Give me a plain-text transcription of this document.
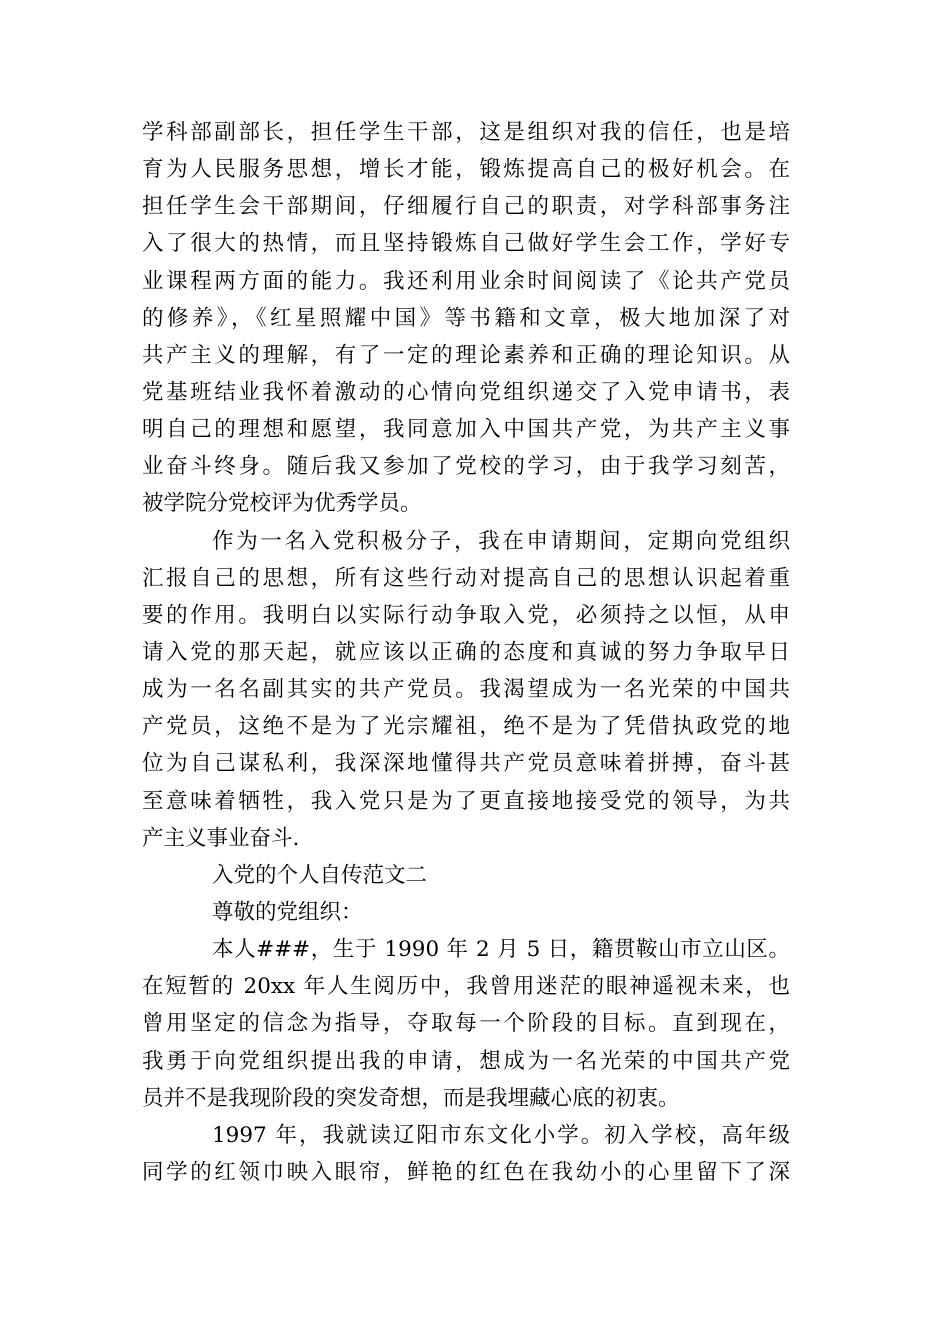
学科部副部长，担任学生干部，这是组织对我的信任，也是培
育为人民服务思想，增长才能，锻炼提高自己的极好机会。在
担任学生会干部期间，仔细履行自己的职责，对学科部事务注
入了很大的热情，而且坚持锻炼自己做好学生会工作，学好专
业课程两方面的能力。我还利用业余时间阅读了《论共产党员
的修养》，《红星照耀中国》等书籍和文章，极大地加深了对
共产主义的理解，有了一定的理论素养和正确的理论知识。从
党基班结业我怀着激动的心情向党组织递交了入党申请书，表
明自己的理想和愿望，我同意加入中国共产党，为共产主义事
业奋斗终身。随后我又参加了党校的学习，由于我学习刻苦，
被学院分党校评为优秀学员。
作为一名入党积极分子，我在申请期间，定期向党组织
汇报自己的思想，所有这些行动对提高自己的思想认识起着重
要的作用。我明白以实际行动争取入党，必须持之以恒，从申
请入党的那天起，就应该以正确的态度和真诚的努力争取早日
成为一名名副其实的共产党员。我渴望成为一名光荣的中国共
产党员，这绝不是为了光宗耀祖，绝不是为了凭借执政党的地
位为自己谋私利，我深深地懂得共产党员意味着拼搏，奋斗甚
至意味着牺牲，我入党只是为了更直接地接受党的领导，为共
产主义事业奋斗.
入党的个人自传范文二
尊敬的党组织：
本人###，生于 1990 年 2 月 5 日，籍贯鞍山市立山区。
在短暂的 20xx 年人生阅历中，我曾用迷茫的眼神遥视未来，也
曾用坚定的信念为指导，夺取每一个阶段的目标。直到现在，
我勇于向党组织提出我的申请，想成为一名光荣的中国共产党
员并不是我现阶段的突发奇想，而是我埋藏心底的初衷。
1997 年，我就读辽阳市东文化小学。初入学校，高年级
同学的红领巾映入眼帘，鲜艳的红色在我幼小的心里留下了深
